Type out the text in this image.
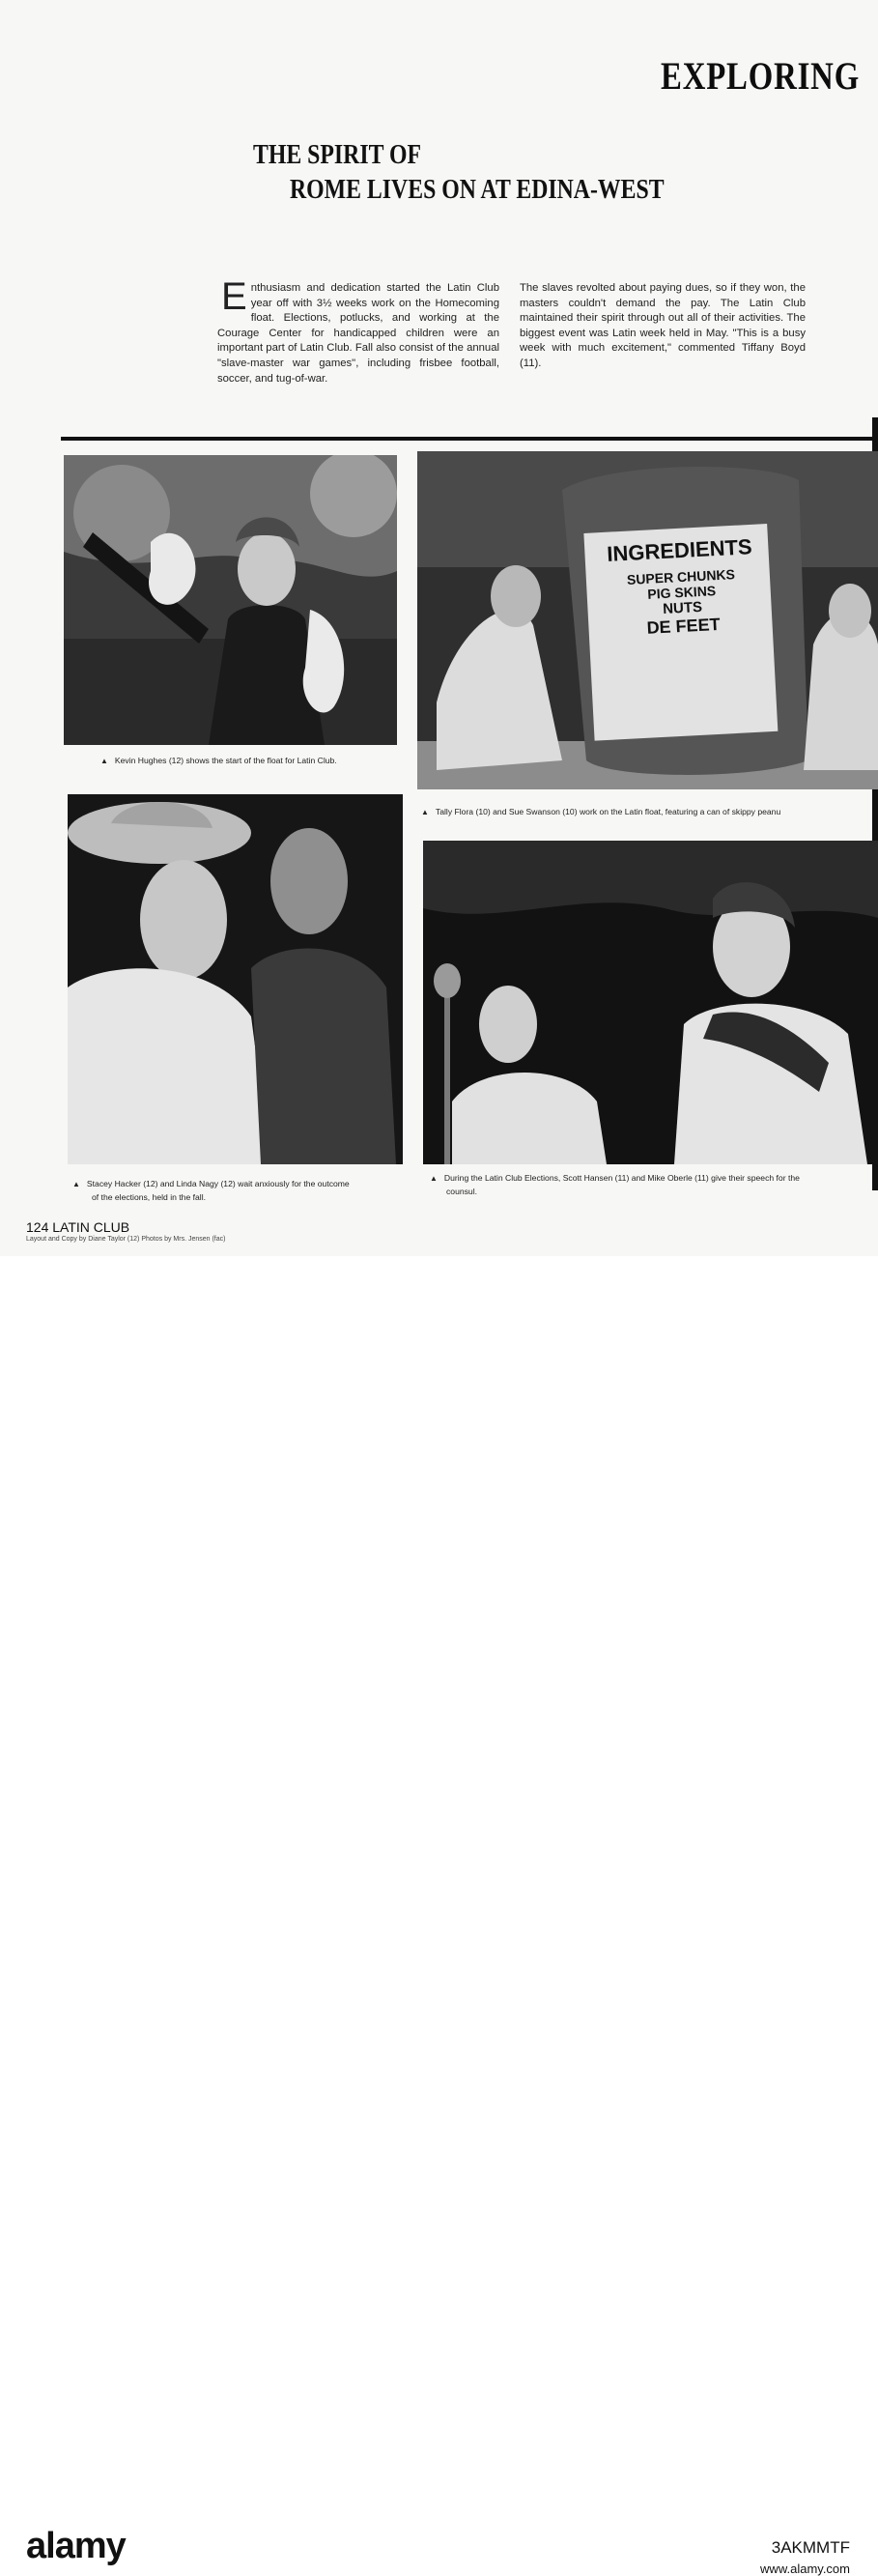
EXPLORING
THE SPIRIT OF
ROME LIVES ON AT EDINA-WEST
Enthusiasm and dedication started the Latin Club year off with 3½ weeks work on the Homecoming float. Elections, potlucks, and working at the Courage Center for handicapped children were an important part of Latin Club. Fall also consist of the annual "slave-master war games", including frisbee football, soccer, and tug-of-war.
The slaves revolted about paying dues, so if they won, the masters couldn't demand the pay. The Latin Club maintained their spirit through out all of their activities. The biggest event was Latin week held in May. "This is a busy week with much excitement," commented Tiffany Boyd (11).
▲ Kevin Hughes (12) shows the start of the float for Latin Club.
INGREDIENTS
SUPER CHUNKS
PIG SKINS
NUTS
DE FEET
▲ Tally Flora (10) and Sue Swanson (10) work on the Latin float, featuring a can of skippy peanu
▲ Stacey Hacker (12) and Linda Nagy (12) wait anxiously for the outcome
of the elections, held in the fall.
▲ During the Latin Club Elections, Scott Hansen (11) and Mike Oberle (11) give their speech for the
counsul.
124 LATIN CLUB
Layout and Copy by Diane Taylor (12) Photos by Mrs. Jensen (fac)
alamy	3AKMMTF
www.alamy.com
